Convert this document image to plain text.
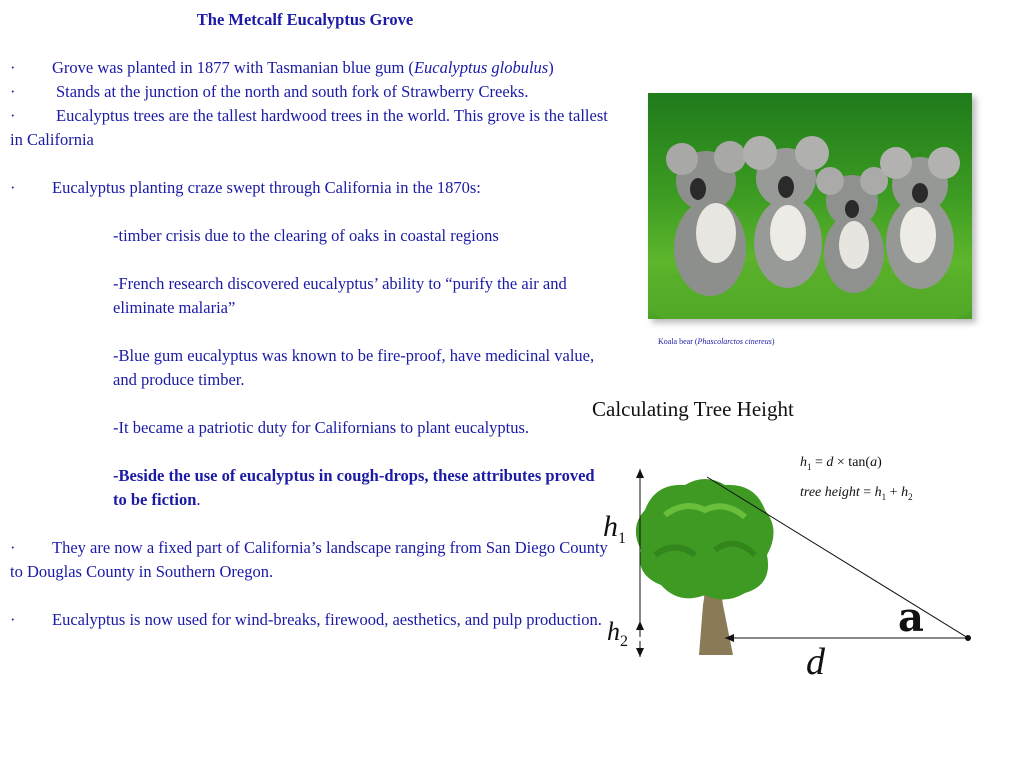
The Metcalf Eucalyptus Grove

· Grove was planted in 1877 with Tasmanian blue gum (Eucalyptus globulus)

· Stands at the junction of the north and south fork of Strawberry Creeks.

· Eucalyptus trees are the tallest hardwood trees in the world. This grove is the tallest in California

· Eucalyptus planting craze swept through California in the 1870s:

-timber crisis due to the clearing of oaks in coastal regions

-French research discovered eucalyptus’ ability to “purify the air and eliminate malaria”

-Blue gum eucalyptus was known to be fire-proof, have medicinal value, and produce timber.

-It became a patriotic duty for Californians to plant eucalyptus.

-Beside the use of eucalyptus in cough-drops, these attributes proved to be fiction.

· They are now a fixed part of California’s landscape ranging from San Diego County to Douglas County in Southern Oregon.

· Eucalyptus is now used for wind-breaks, firewood, aesthetics, and pulp production.

Koala bear (Phascolarctos cinereus)
Calculating Tree Height
$h_1 = d \times \tan(a)$
tree height = $h_1 + h_2$
$h_1$
$h_2$	d
a
